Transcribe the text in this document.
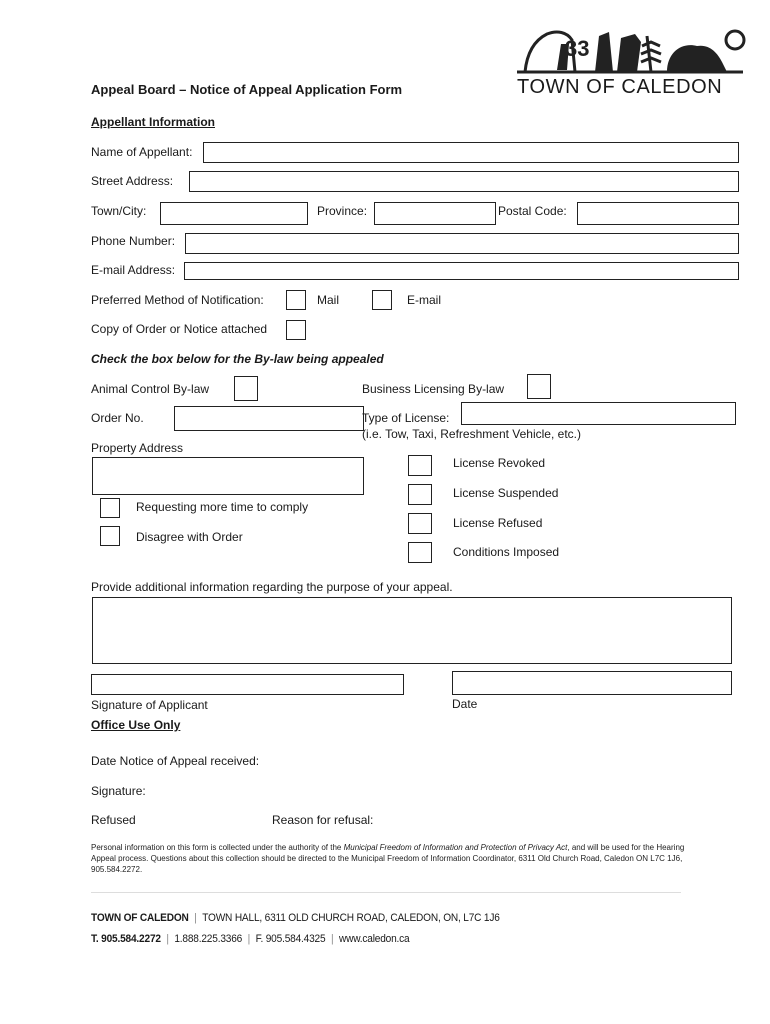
33
TOWN OF CALEDON
Appeal Board – Notice of Appeal Application Form
Appellant Information
Name of Appellant:
Street Address:
Town/City:	Province:	Postal Code:
Phone Number:
E-mail Address:
Preferred Method of Notification:	Mail	E-mail
Copy of Order or Notice attached
Check the box below for the By-law being appealed
Animal Control By-law	Business Licensing By-law
Order No.	Type of License:
(i.e. Tow, Taxi, Refreshment Vehicle, etc.)
Property Address
Requesting more time to comply
Disagree with Order
License Revoked
License Suspended
License Refused
Conditions Imposed
Provide additional information regarding the purpose of your appeal.
Signature of Applicant	Date
Office Use Only
Date Notice of Appeal received:
Signature:
Refused	Reason for refusal:
Personal information on this form is collected under the authority of the Municipal Freedom of Information and Protection of Privacy Act, and will be used for the Hearing Appeal process. Questions about this collection should be directed to the Municipal Freedom of Information Coordinator, 6311 Old Church Road, Caledon ON L7C 1J6, 905.584.2272.
TOWN OF CALEDON | TOWN HALL, 6311 OLD CHURCH ROAD, CALEDON, ON, L7C 1J6
T. 905.584.2272 | 1.888.225.3366 | F. 905.584.4325 | www.caledon.ca
